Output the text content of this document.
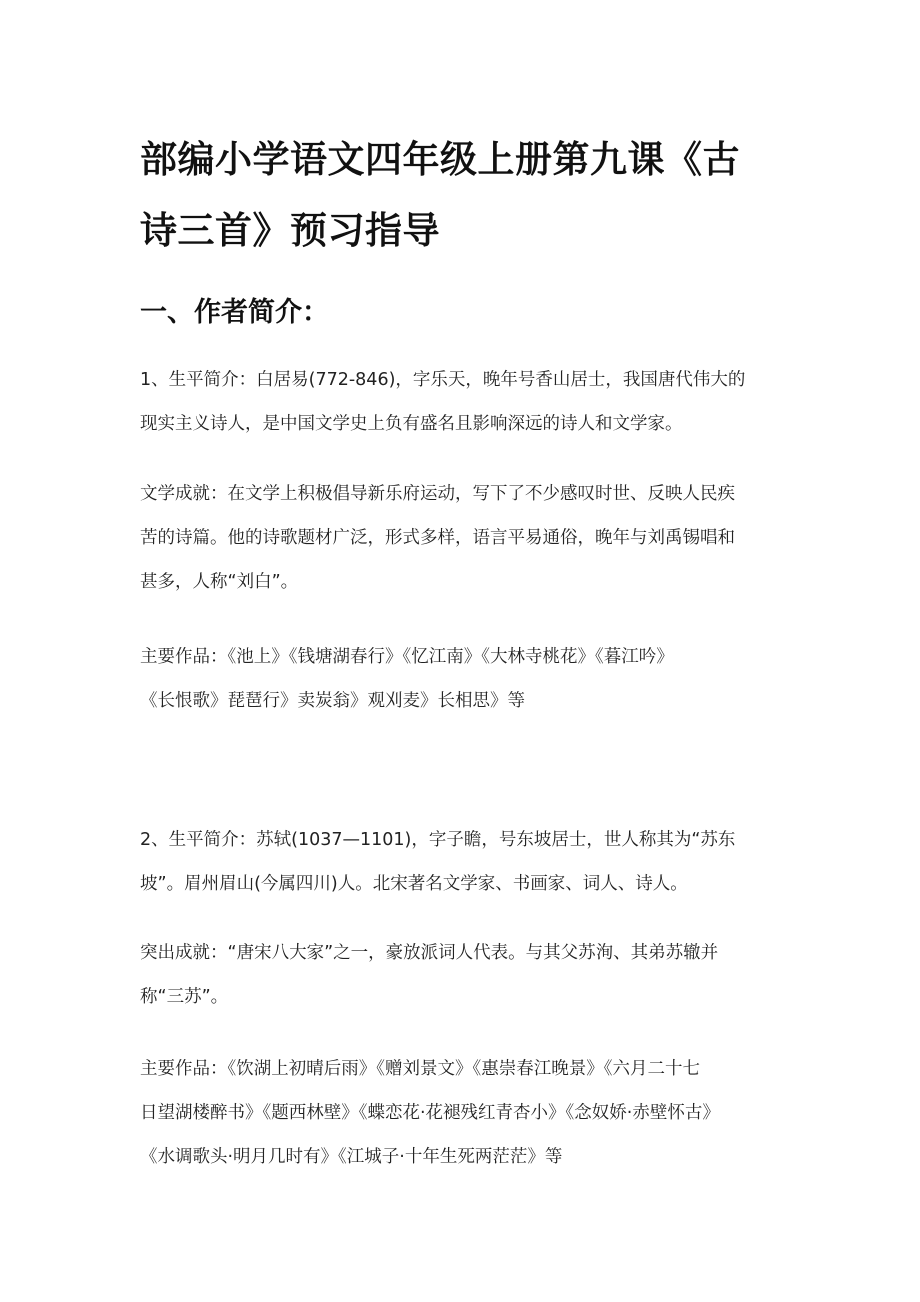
部编小学语文四年级上册第九课《古
诗三首》预习指导
一、作者简介：
1、生平简介：白居易(772-846)，字乐天，晚年号香山居士，我国唐代伟大的
现实主义诗人，是中国文学史上负有盛名且影响深远的诗人和文学家。
文学成就：在文学上积极倡导新乐府运动，写下了不少感叹时世、反映人民疾
苦的诗篇。他的诗歌题材广泛，形式多样，语言平易通俗，晚年与刘禹锡唱和
甚多，人称“刘白”。
主要作品：《池上》《钱塘湖春行》《忆江南》《大林寺桃花》《暮江吟》
《长恨歌》琵琶行》卖炭翁》观刈麦》长相思》等
2、生平简介：苏轼(1037—1101)，字子瞻，号东坡居士，世人称其为“苏东
坡”。眉州眉山(今属四川)人。北宋著名文学家、书画家、词人、诗人。
突出成就：“唐宋八大家”之一，豪放派词人代表。与其父苏洵、其弟苏辙并
称“三苏”。
主要作品：《饮湖上初晴后雨》《赠刘景文》《惠崇春江晚景》《六月二十七
日望湖楼醉书》《题西林壁》《蝶恋花·花褪残红青杏小》《念奴娇·赤壁怀古》
《水调歌头·明月几时有》《江城子·十年生死两茫茫》等
